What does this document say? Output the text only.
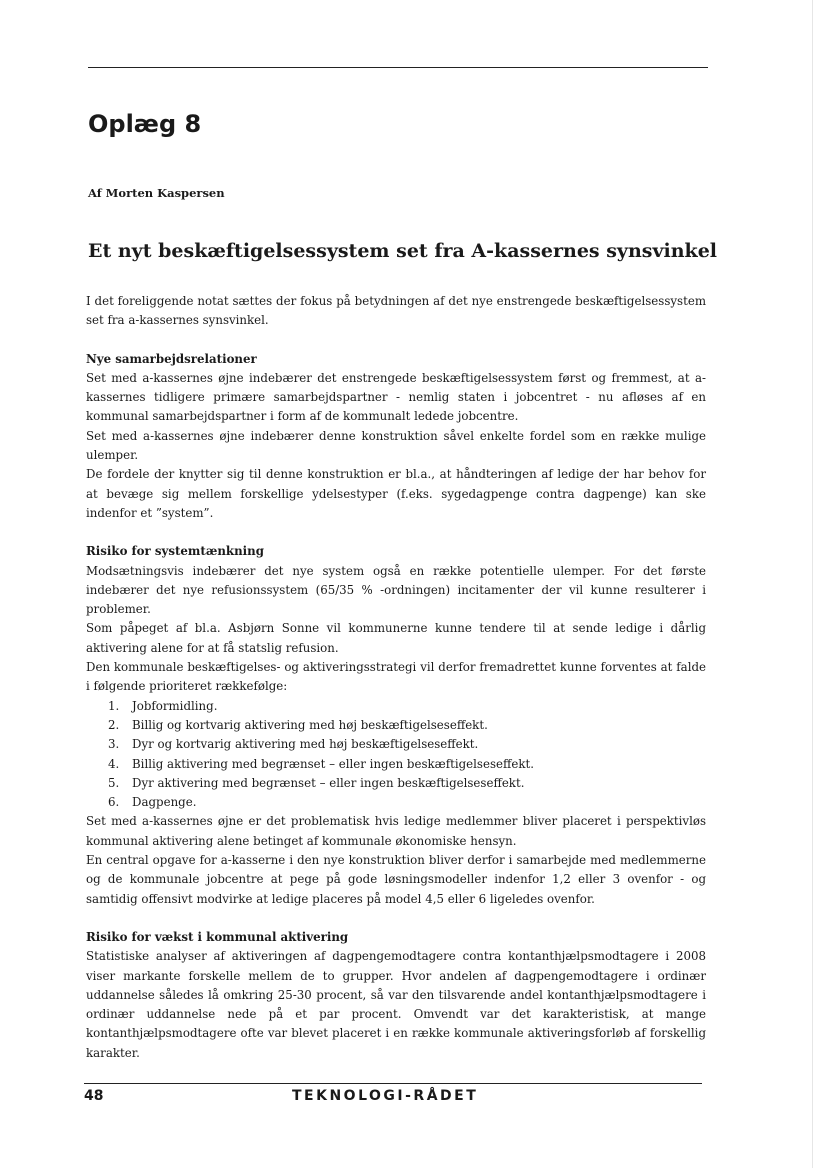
Oplæg 8

Af Morten Kaspersen

Et nyt beskæftigelsessystem set fra A-kassernes synsvinkel

I det foreliggende notat sættes der fokus på betydningen af det nye enstrengede beskæftigelsessystem set fra a-kassernes synsvinkel.

Nye samarbejdsrelationer

Set med a-kassernes øjne indebærer det enstrengede beskæftigelsessystem først og fremmest, at a-kassernes tidligere primære samarbejdspartner - nemlig staten i jobcentret - nu afløses af en kommunal samarbejdspartner i form af de kommunalt ledede jobcentre.

Set med a-kassernes øjne indebærer denne konstruktion såvel enkelte fordel som en række mulige ulemper.

De fordele der knytter sig til denne konstruktion er bl.a., at håndteringen af ledige der har behov for at bevæge sig mellem forskellige ydelsestyper (f.eks. sygedagpenge contra dagpenge) kan ske indenfor et ”system”.

Risiko for systemtænkning

Modsætningsvis indebærer det nye system også en række potentielle ulemper. For det første indebærer det nye refusionssystem (65/35 % -ordningen) incitamenter der vil kunne resulterer i problemer.

Som påpeget af bl.a. Asbjørn Sonne vil kommunerne kunne tendere til at sende ledige i dårlig aktivering alene for at få statslig refusion.

Den kommunale beskæftigelses- og aktiveringsstrategi vil derfor fremadrettet kunne forventes at falde i følgende prioriteret rækkefølge:

1.	Jobformidling.
2.	Billig og kortvarig aktivering med høj beskæftigelseseffekt.
3.	Dyr og kortvarig aktivering med høj beskæftigelseseffekt.
4.	Billig aktivering med begrænset – eller ingen beskæftigelseseffekt.
5.	Dyr aktivering med begrænset – eller ingen beskæftigelseseffekt.
6.	Dagpenge.

Set med a-kassernes øjne er det problematisk hvis ledige medlemmer bliver placeret i perspektivløs kommunal aktivering alene betinget af kommunale økonomiske hensyn.

En central opgave for a-kasserne i den nye konstruktion bliver derfor i samarbejde med medlemmerne og de kommunale jobcentre at pege på gode løsningsmodeller indenfor 1,2 eller 3 ovenfor - og samtidig offensivt modvirke at ledige placeres på model 4,5 eller 6 ligeledes ovenfor.

Risiko for vækst i kommunal aktivering

Statistiske analyser af aktiveringen af dagpengemodtagere contra kontanthjælpsmodtagere i 2008 viser markante forskelle mellem de to grupper. Hvor andelen af dagpengemodtagere i ordinær uddannelse således lå omkring 25-30 procent, så var den tilsvarende andel kontanthjælpsmodtagere i ordinær uddannelse nede på et par procent. Omvendt var det karakteristisk, at mange kontanthjælpsmodtagere ofte var blevet placeret i en række kommunale aktiveringsforløb af forskellig karakter.

48	TEKNOLOGI-RÅDET
